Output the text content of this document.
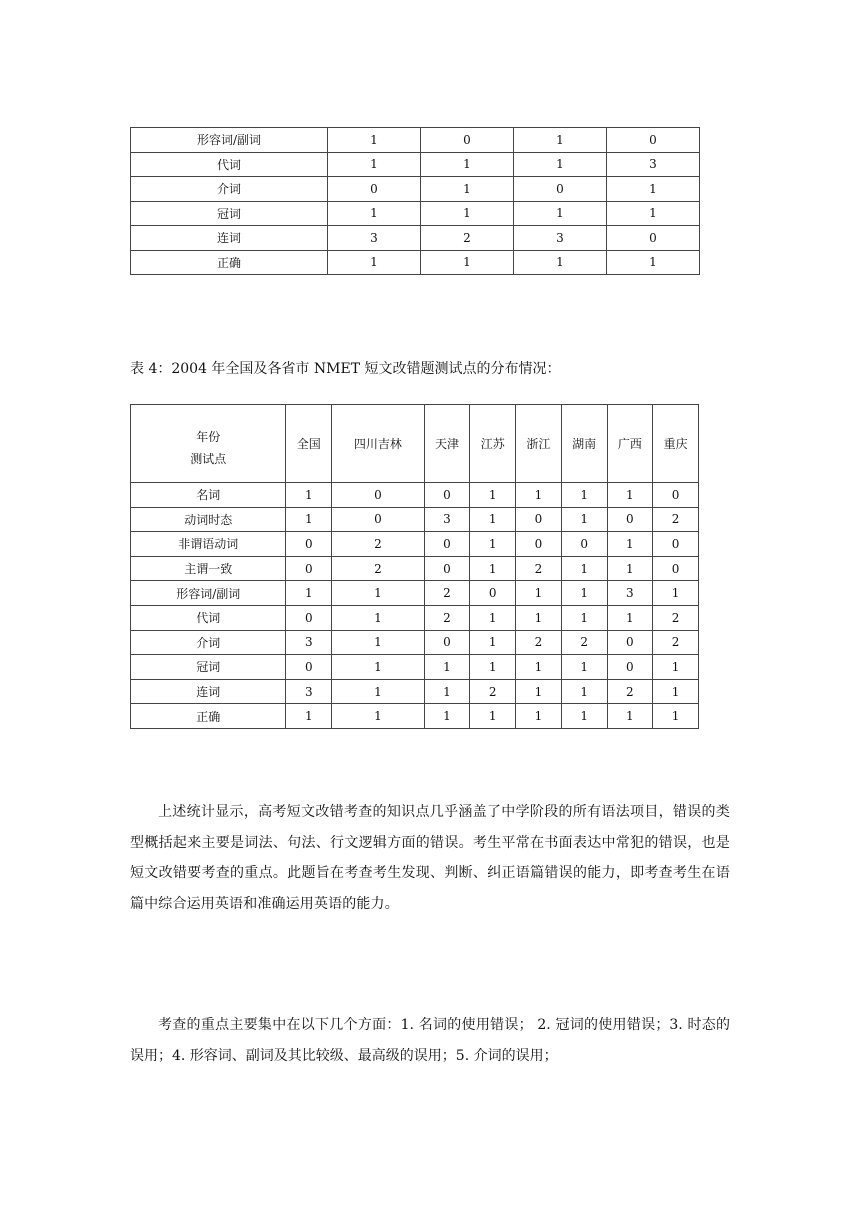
形容词/副词	1	0	1	0
代词	1	1	1	3
介词	0	1	0	1
冠词	1	1	1	1
连词	3	2	3	0
正确	1	1	1	1
表 4：2004 年全国及各省市 NMET 短文改错题测试点的分布情况：
年份
测试点	全国	四川吉林	天津	江苏	浙江	湖南	广西	重庆
名词	1	0	0	1	1	1	1	0
动词时态	1	0	3	1	0	1	0	2
非谓语动词	0	2	0	1	0	0	1	0
主谓一致	0	2	0	1	2	1	1	0
形容词/副词	1	1	2	0	1	1	3	1
代词	0	1	2	1	1	1	1	2
介词	3	1	0	1	2	2	0	2
冠词	0	1	1	1	1	1	0	1
连词	3	1	1	2	1	1	2	1
正确	1	1	1	1	1	1	1	1

上述统计显示，高考短文改错考查的知识点几乎涵盖了中学阶段的所有语法项目，错误的类型概括起来主要是词法、句法、行文逻辑方面的错误。考生平常在书面表达中常犯的错误，也是短文改错要考查的重点。此题旨在考查考生发现、判断、纠正语篇错误的能力，即考查考生在语篇中综合运用英语和准确运用英语的能力。

考查的重点主要集中在以下几个方面：1. 名词的使用错误； 2. 冠词的使用错误；3. 时态的误用；4. 形容词、副词及其比较级、最高级的误用；5. 介词的误用；
